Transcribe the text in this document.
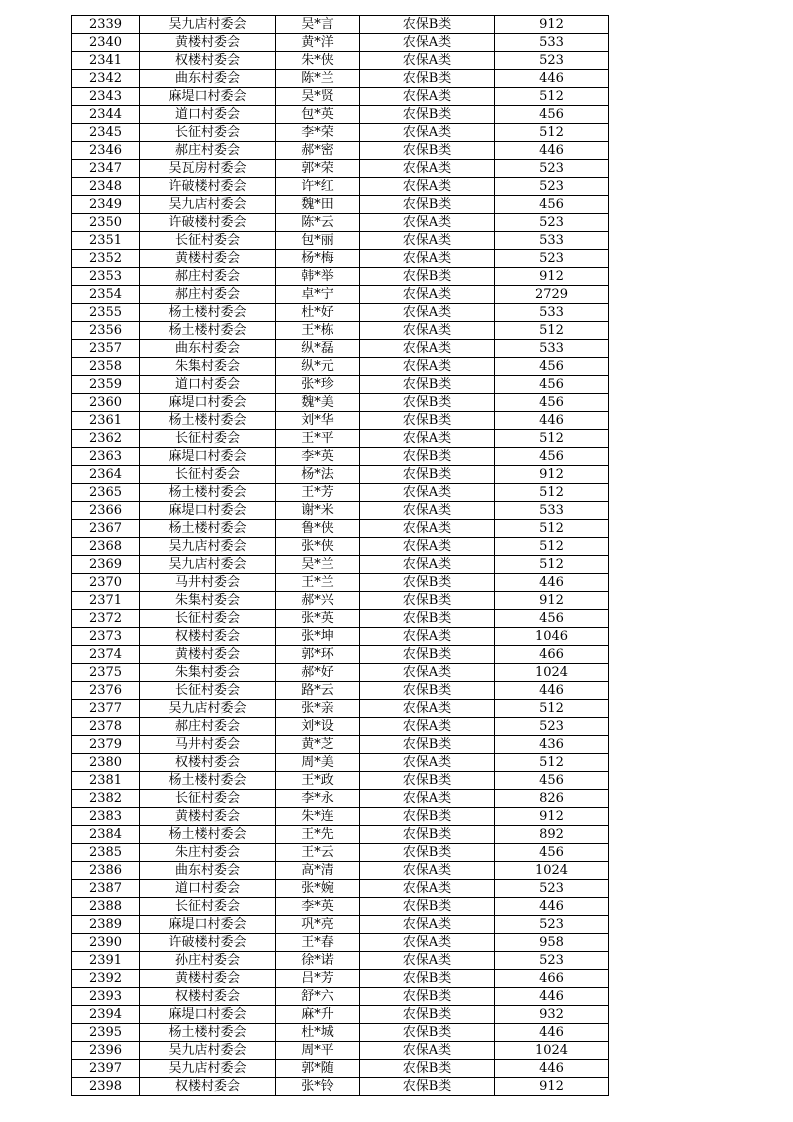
2339	吴九店村委会	吴*言	农保B类	912
2340	黄楼村委会	黄*洋	农保A类	533
2341	权楼村委会	朱*侠	农保A类	523
2342	曲东村委会	陈*兰	农保B类	446
2343	麻堤口村委会	吴*贤	农保A类	512
2344	道口村委会	包*英	农保B类	456
2345	长征村委会	李*荣	农保A类	512
2346	郝庄村委会	郝*密	农保B类	446
2347	吴瓦房村委会	郭*荣	农保A类	523
2348	许破楼村委会	许*红	农保A类	523
2349	吴九店村委会	魏*田	农保B类	456
2350	许破楼村委会	陈*云	农保A类	523
2351	长征村委会	包*丽	农保A类	533
2352	黄楼村委会	杨*梅	农保A类	523
2353	郝庄村委会	韩*举	农保B类	912
2354	郝庄村委会	卓*宁	农保A类	2729
2355	杨土楼村委会	杜*好	农保A类	533
2356	杨土楼村委会	王*栋	农保A类	512
2357	曲东村委会	纵*磊	农保A类	533
2358	朱集村委会	纵*元	农保A类	456
2359	道口村委会	张*珍	农保B类	456
2360	麻堤口村委会	魏*美	农保B类	456
2361	杨土楼村委会	刘*华	农保B类	446
2362	长征村委会	王*平	农保A类	512
2363	麻堤口村委会	李*英	农保B类	456
2364	长征村委会	杨*法	农保B类	912
2365	杨土楼村委会	王*芳	农保A类	512
2366	麻堤口村委会	谢*米	农保A类	533
2367	杨土楼村委会	鲁*侠	农保A类	512
2368	吴九店村委会	张*侠	农保A类	512
2369	吴九店村委会	吴*兰	农保A类	512
2370	马井村委会	王*兰	农保B类	446
2371	朱集村委会	郝*兴	农保B类	912
2372	长征村委会	张*英	农保B类	456
2373	权楼村委会	张*坤	农保A类	1046
2374	黄楼村委会	郭*环	农保B类	466
2375	朱集村委会	郝*好	农保A类	1024
2376	长征村委会	路*云	农保B类	446
2377	吴九店村委会	张*亲	农保A类	512
2378	郝庄村委会	刘*设	农保A类	523
2379	马井村委会	黄*芝	农保B类	436
2380	权楼村委会	周*美	农保A类	512
2381	杨土楼村委会	王*政	农保B类	456
2382	长征村委会	李*永	农保A类	826
2383	黄楼村委会	朱*连	农保B类	912
2384	杨土楼村委会	王*先	农保B类	892
2385	朱庄村委会	王*云	农保B类	456
2386	曲东村委会	高*清	农保A类	1024
2387	道口村委会	张*婉	农保A类	523
2388	长征村委会	李*英	农保B类	446
2389	麻堤口村委会	巩*亮	农保A类	523
2390	许破楼村委会	王*春	农保A类	958
2391	孙庄村委会	徐*诺	农保A类	523
2392	黄楼村委会	吕*芳	农保B类	466
2393	权楼村委会	舒*六	农保B类	446
2394	麻堤口村委会	麻*升	农保B类	932
2395	杨土楼村委会	杜*城	农保B类	446
2396	吴九店村委会	周*平	农保A类	1024
2397	吴九店村委会	郭*随	农保B类	446
2398	权楼村委会	张*铃	农保B类	912
